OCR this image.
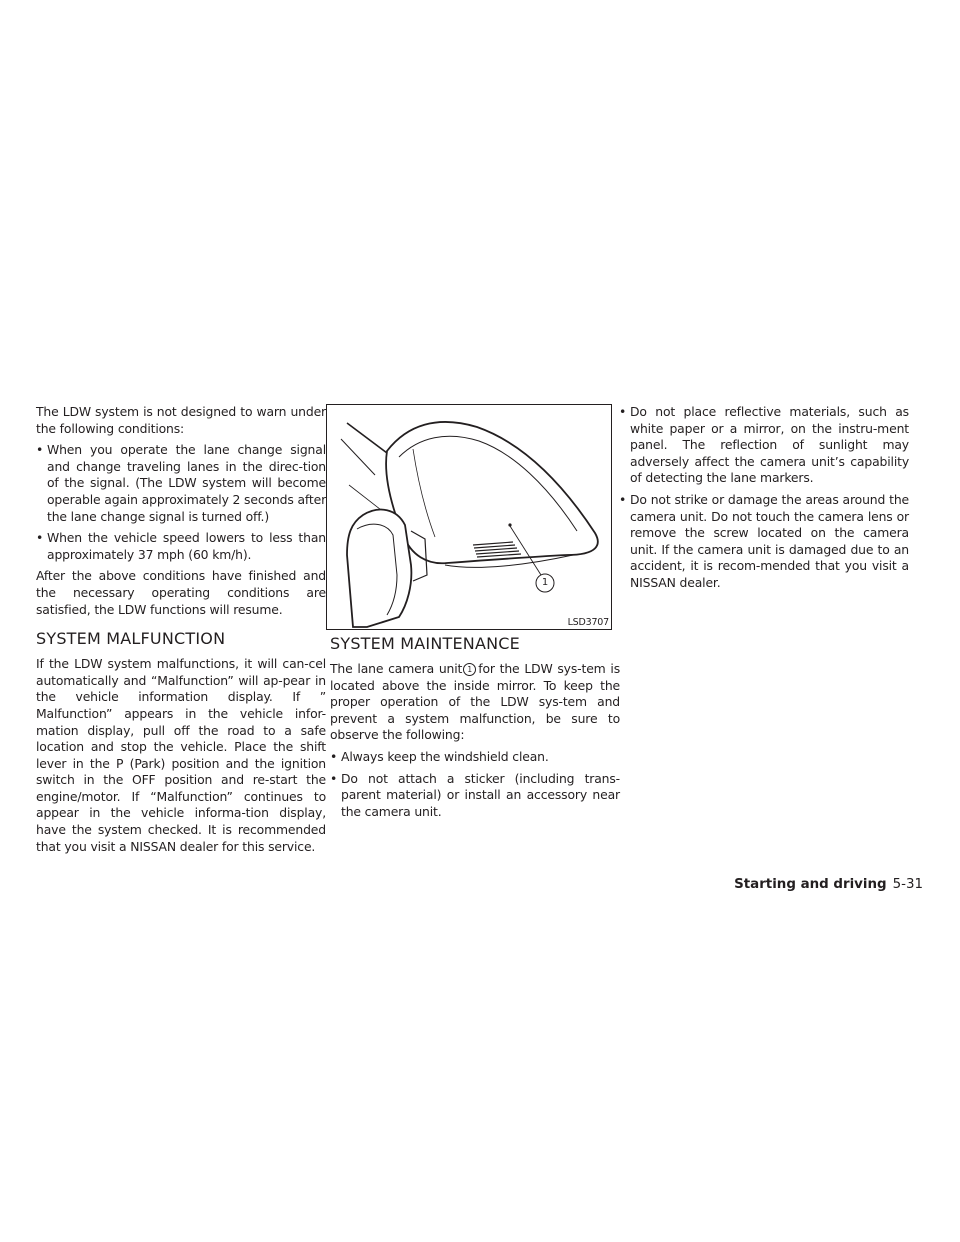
The LDW system is not designed to warn under the following conditions:

• When you operate the lane change signal and change traveling lanes in the direc-tion of the signal. (The LDW system will become operable again approximately 2 seconds after the lane change signal is turned off.)
• When the vehicle speed lowers to less than approximately 37 mph (60 km/h).

After the above conditions have finished and the necessary operating conditions are satisfied, the LDW functions will resume.

SYSTEM MALFUNCTION

If the LDW system malfunctions, it will can-cel automatically and “Malfunction” will ap-pear in the vehicle information display. If ” Malfunction” appears in the vehicle infor-mation display, pull off the road to a safe location and stop the vehicle. Place the shift lever in the P (Park) position and the ignition switch in the OFF position and re-start the engine/motor. If “Malfunction” continues to appear in the vehicle informa-tion display, have the system checked. It is recommended that you visit a NISSAN dealer for this service.

1
LSD3707
SYSTEM MAINTENANCE

The lane camera unit 1 for the LDW sys-tem is located above the inside mirror. To keep the proper operation of the LDW sys-tem and prevent a system malfunction, be sure to observe the following:

• Always keep the windshield clean.
• Do not attach a sticker (including trans-parent material) or install an accessory near the camera unit.
• Do not place reflective materials, such as white paper or a mirror, on the instru-ment panel. The reflection of sunlight may adversely affect the camera unit’s capability of detecting the lane markers.
• Do not strike or damage the areas around the camera unit. Do not touch the camera lens or remove the screw located on the camera unit. If the camera unit is damaged due to an accident, it is recom-mended that you visit a NISSAN dealer.
Starting and driving 5-31
